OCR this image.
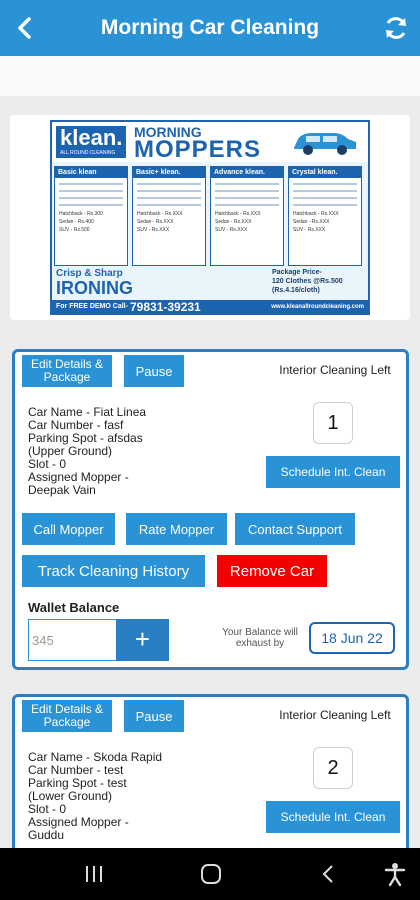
Morning Car Cleaning
klean.
ALL ROUND CLEANING
MORNING
MOPPERS
Basic klean
Hatchback - Rs.300
Sedan - Rs.400
SUV - Rs.500
Basic+ klean.
Hatchback - Rs.XXX
Sedan - Rs.XXX
SUV - Rs.XXX
Advance klean.
Hatchback - Rs.XXX
Sedan - Rs.XXX
SUV - Rs.XXX
Crystal klean.
Hatchback - Rs.XXX
Sedan - Rs.XXX
SUV - Rs.XXX
Crisp & Sharp
IRONING
Package Price-
120 Clothes @Rs.500
(Rs.4.16/cloth)
For FREE DEMO Call- 79831-39231	www.kleanallroundcleaning.com
Edit Details & Package	Pause	Interior Cleaning Left
1
Schedule Int. Clean
Car Name - Fiat Linea
Car Number - fasf
Parking Spot - afsdas
(Upper Ground)
Slot - 0
Assigned Mopper -
Deepak Vain
Call Mopper	Rate Mopper	Contact Support
Track Cleaning History	Remove Car
Wallet Balance
345
+	Your Balance will exhaust by	18 Jun 22
Edit Details & Package	Pause	Interior Cleaning Left
2
Schedule Int. Clean
Car Name - Skoda Rapid
Car Number - test
Parking Spot - test
(Lower Ground)
Slot - 0
Assigned Mopper -
Guddu
